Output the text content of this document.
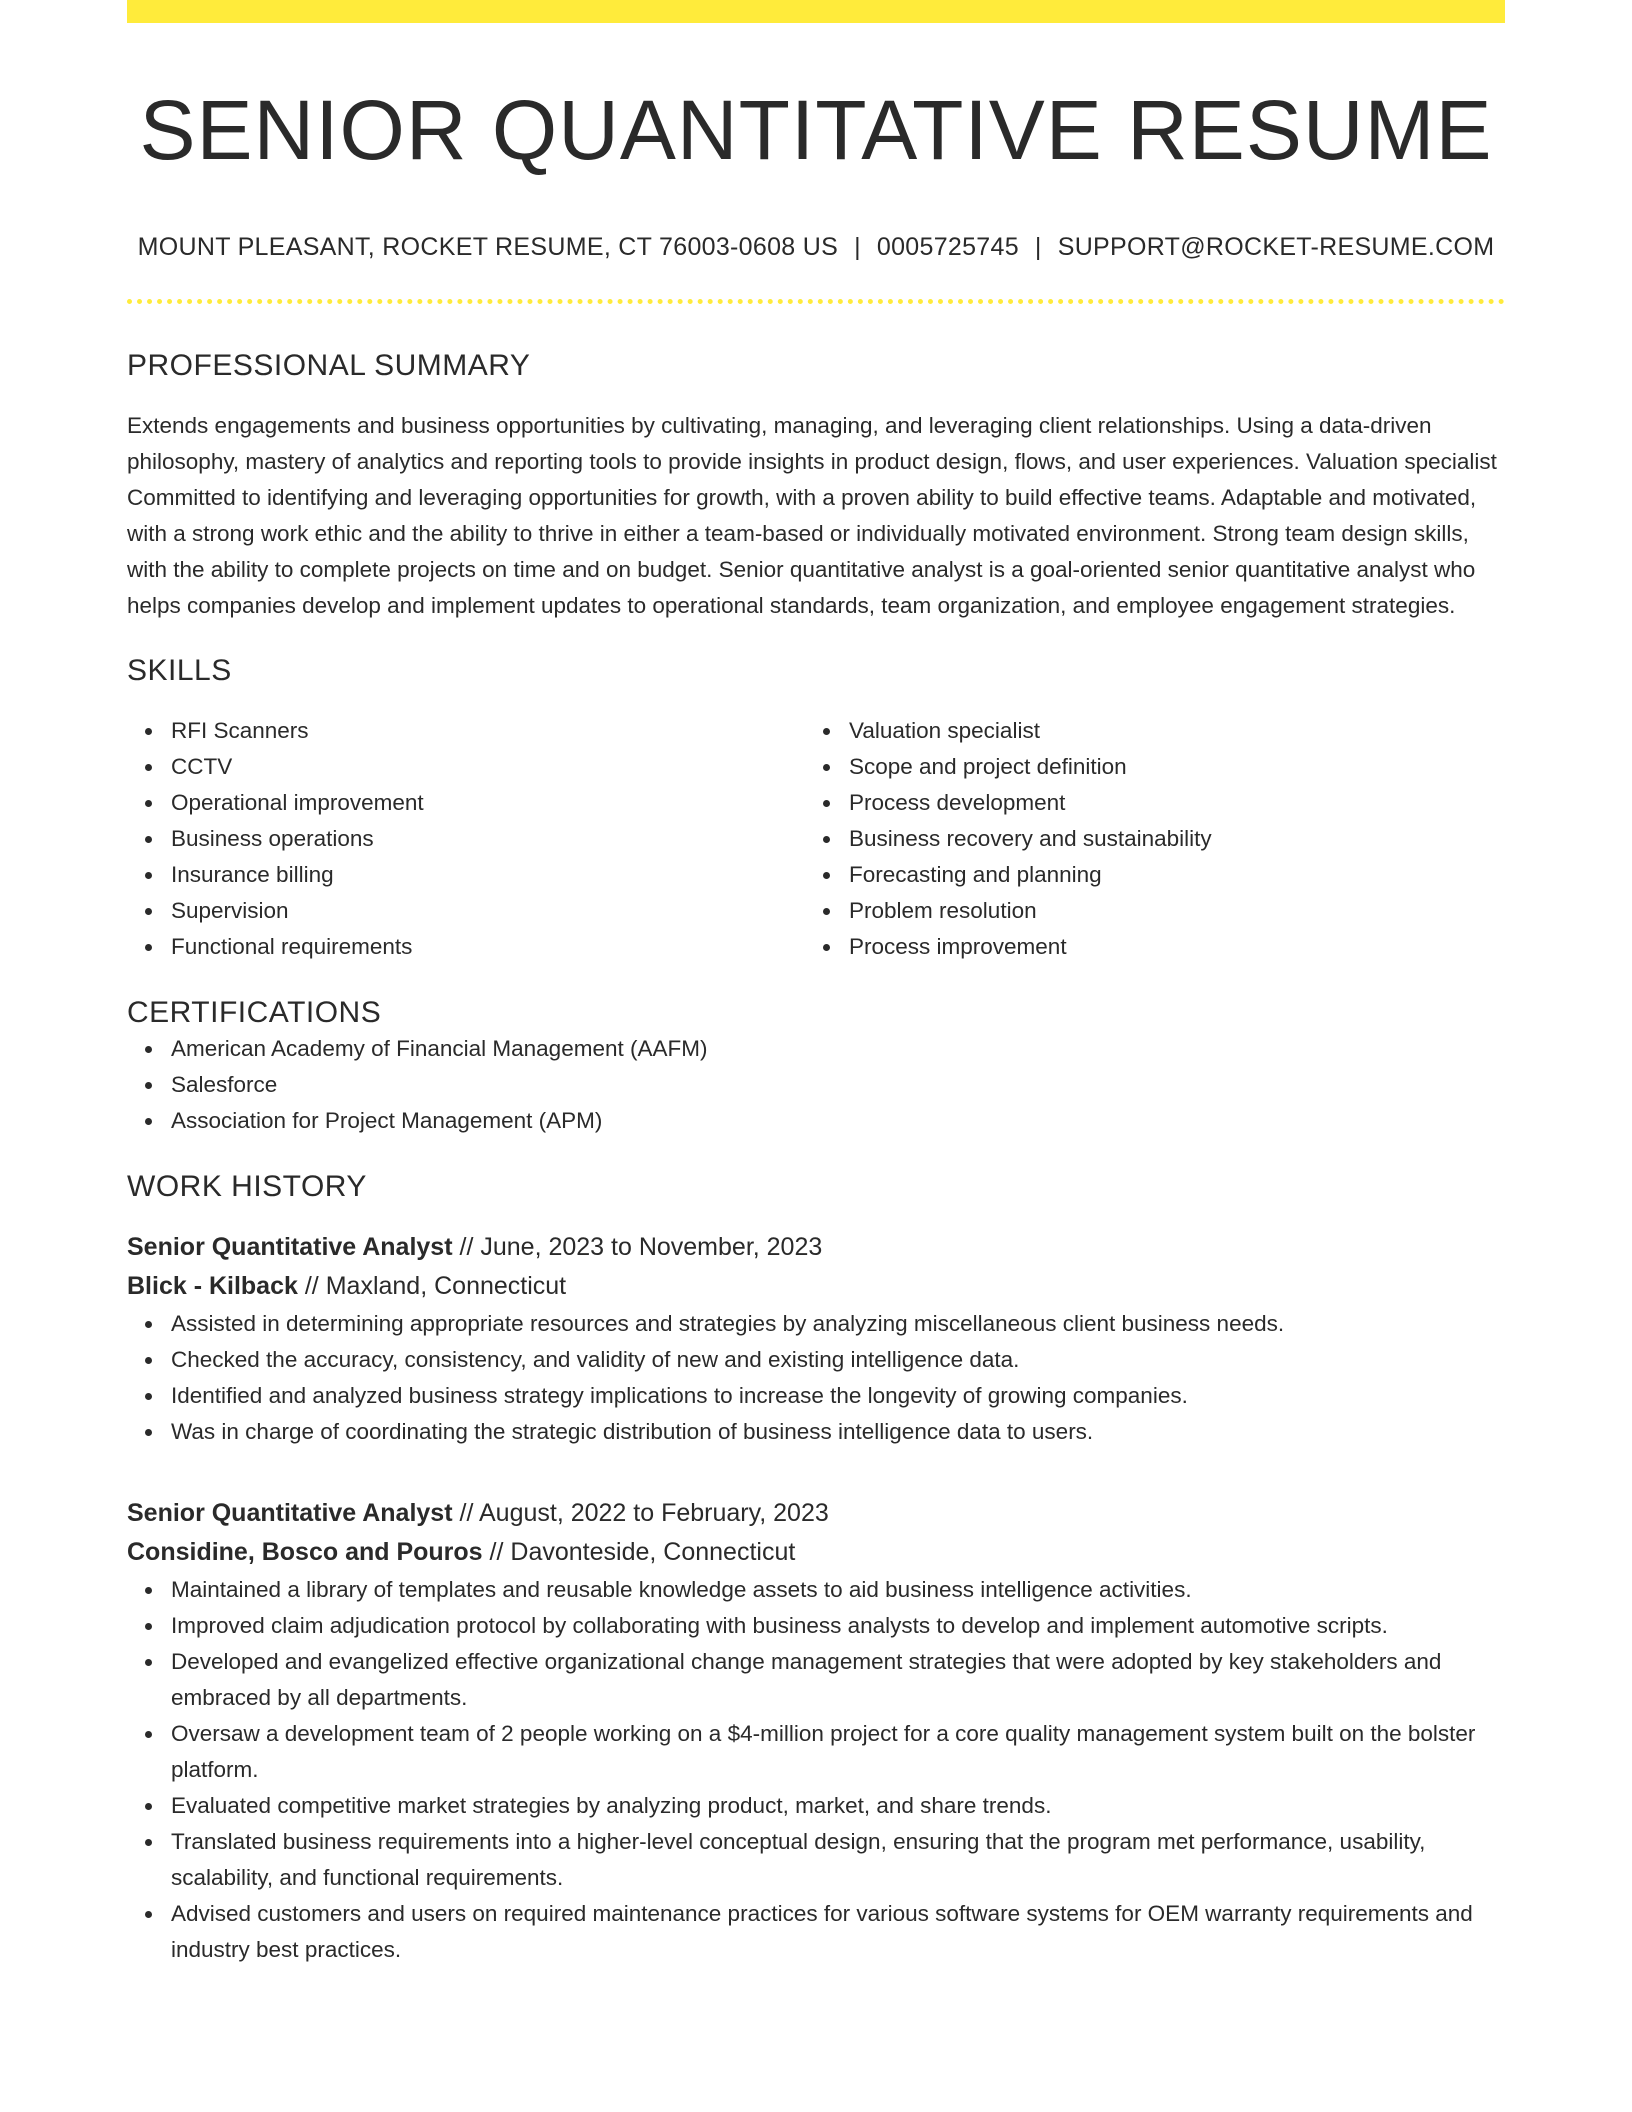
SENIOR QUANTITATIVE RESUME
MOUNT PLEASANT, ROCKET RESUME, CT 76003-0608 US | 0005725745 | SUPPORT@ROCKET-RESUME.COM
PROFESSIONAL SUMMARY

Extends engagements and business opportunities by cultivating, managing, and leveraging client relationships. Using a data-driven philosophy, mastery of analytics and reporting tools to provide insights in product design, flows, and user experiences. Valuation specialist Committed to identifying and leveraging opportunities for growth, with a proven ability to build effective teams. Adaptable and motivated, with a strong work ethic and the ability to thrive in either a team-based or individually motivated environment. Strong team design skills, with the ability to complete projects on time and on budget. Senior quantitative analyst is a goal-oriented senior quantitative analyst who helps companies develop and implement updates to operational standards, team organization, and employee engagement strategies.

SKILLS
RFI Scanners
CCTV
Operational improvement
Business operations
Insurance billing
Supervision
Functional requirements
Valuation specialist
Scope and project definition
Process development
Business recovery and sustainability
Forecasting and planning
Problem resolution
Process improvement
CERTIFICATIONS
American Academy of Financial Management (AAFM)
Salesforce
Association for Project Management (APM)
WORK HISTORY
Senior Quantitative Analyst // June, 2023 to November, 2023
Blick - Kilback // Maxland, Connecticut
Assisted in determining appropriate resources and strategies by analyzing miscellaneous client business needs.
Checked the accuracy, consistency, and validity of new and existing intelligence data.
Identified and analyzed business strategy implications to increase the longevity of growing companies.
Was in charge of coordinating the strategic distribution of business intelligence data to users.
Senior Quantitative Analyst // August, 2022 to February, 2023
Considine, Bosco and Pouros // Davonteside, Connecticut
Maintained a library of templates and reusable knowledge assets to aid business intelligence activities.
Improved claim adjudication protocol by collaborating with business analysts to develop and implement automotive scripts.
Developed and evangelized effective organizational change management strategies that were adopted by key stakeholders and embraced by all departments.
Oversaw a development team of 2 people working on a $4-million project for a core quality management system built on the bolster platform.
Evaluated competitive market strategies by analyzing product, market, and share trends.
Translated business requirements into a higher-level conceptual design, ensuring that the program met performance, usability, scalability, and functional requirements.
Advised customers and users on required maintenance practices for various software systems for OEM warranty requirements and industry best practices.
